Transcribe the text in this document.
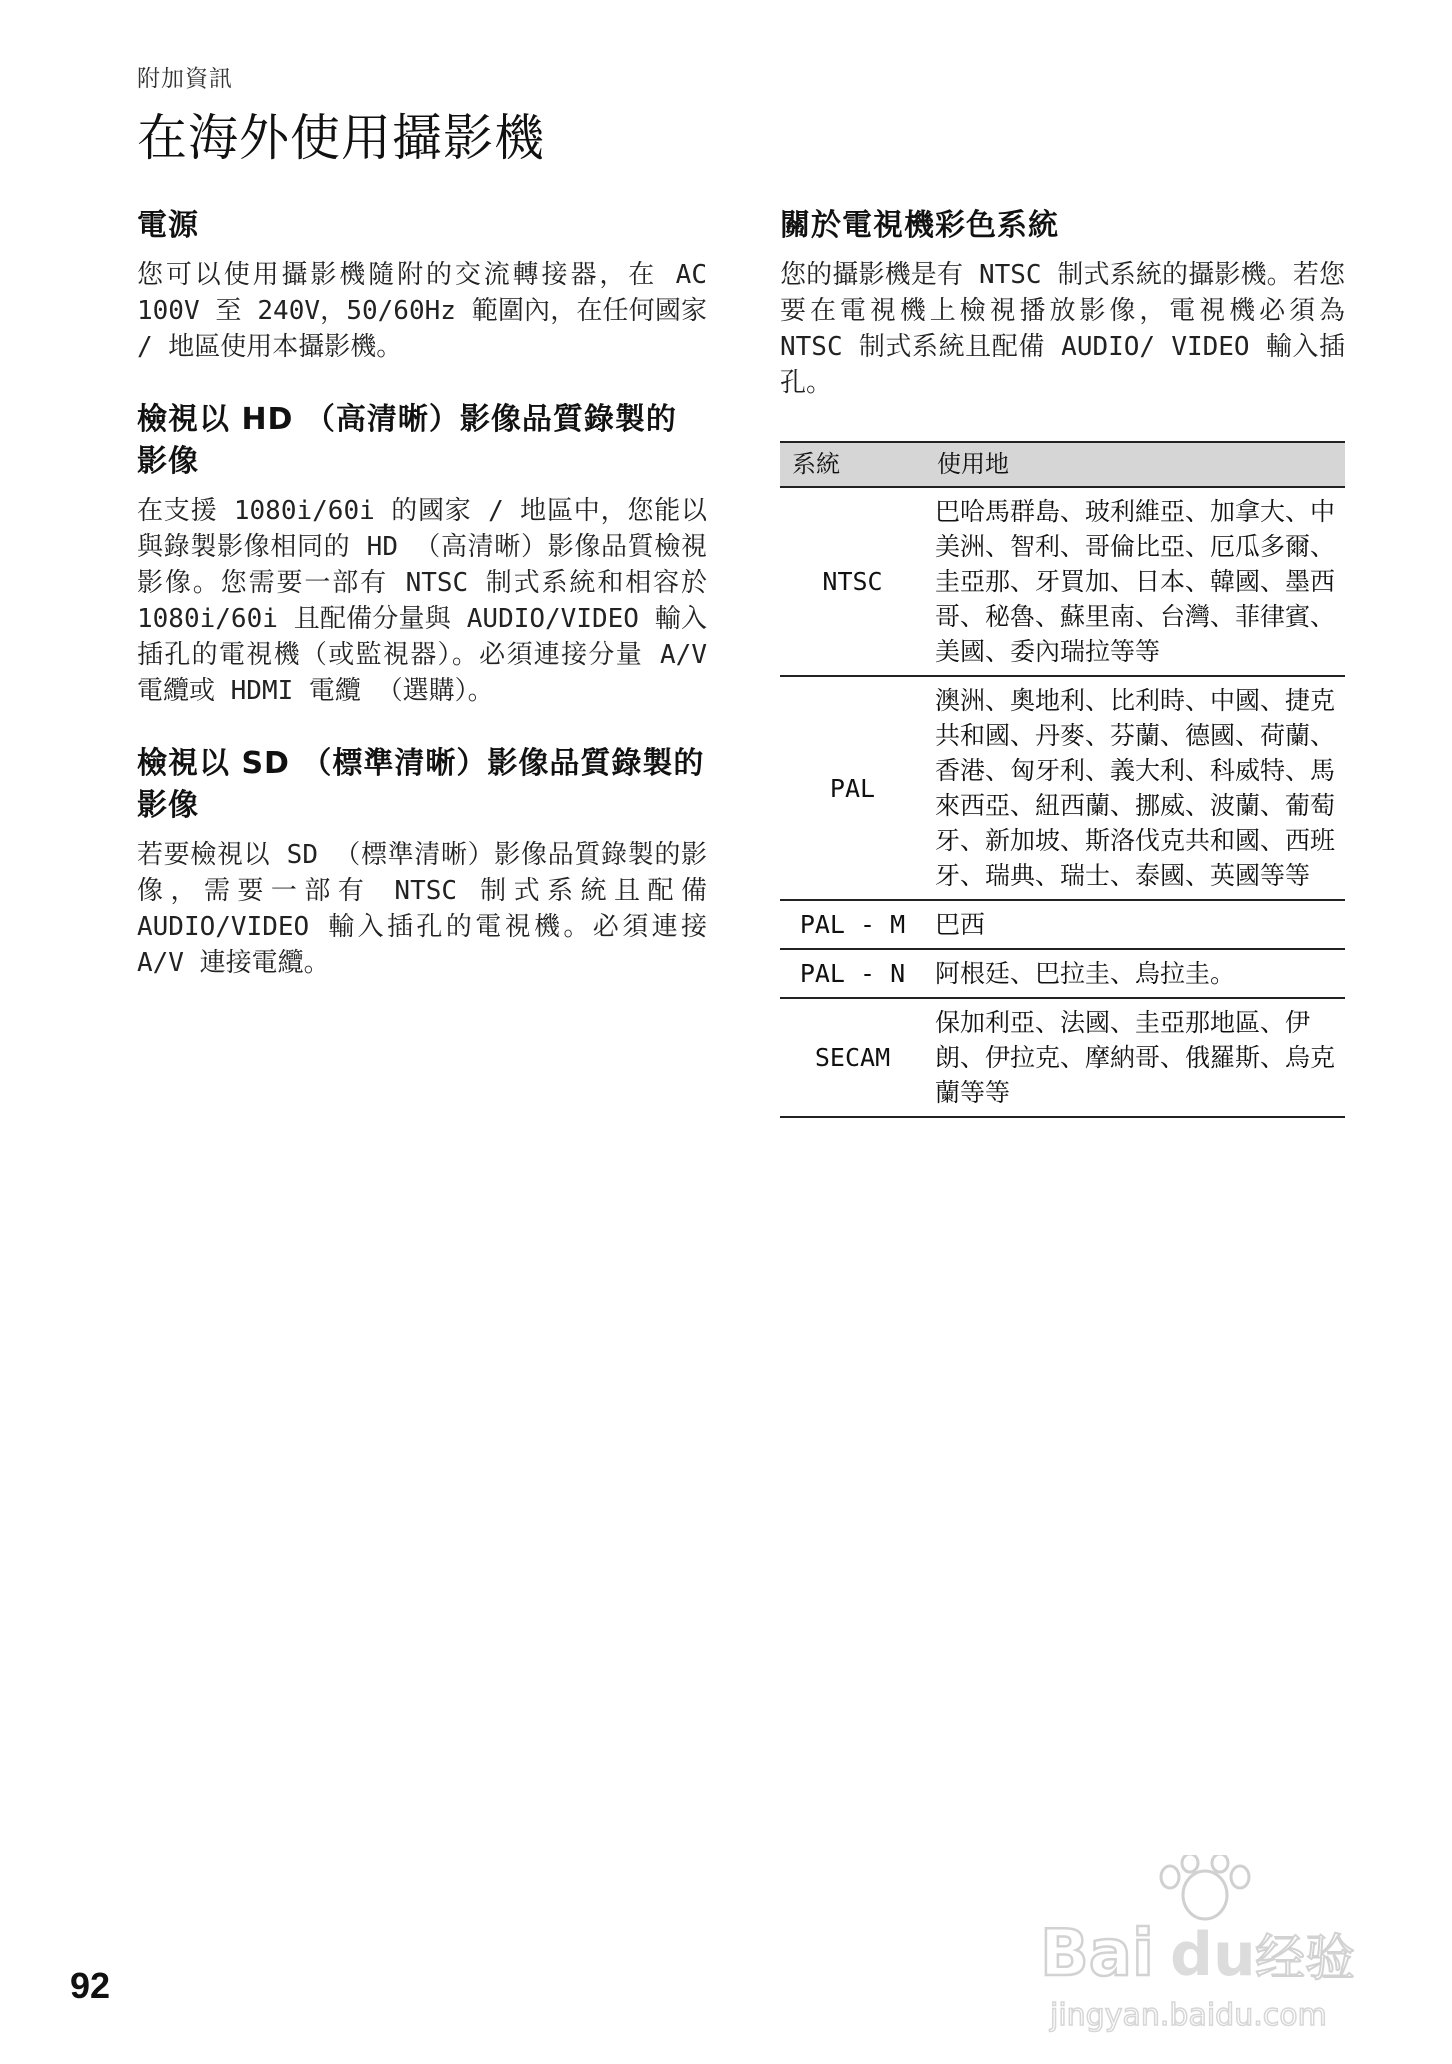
附加資訊
在海外使用攝影機
電源

您可以使用攝影機隨附的交流轉接器，在 AC 100V 至 240V，50/60Hz 範圍內，在任何國家 / 地區使用本攝影機。

檢視以 HD （高清晰）影像品質錄製的影像

在支援 1080i/60i 的國家 / 地區中，您能以與錄製影像相同的 HD （高清晰）影像品質檢視影像。您需要一部有 NTSC 制式系統和相容於 1080i/60i 且配備分量與 AUDIO/VIDEO 輸入插孔的電視機（或監視器）。必須連接分量 A/V 電纜或 HDMI 電纜 （選購）。

檢視以 SD （標準清晰）影像品質錄製的影像

若要檢視以 SD （標準清晰）影像品質錄製的影像，需要一部有 NTSC 制式系統且配備 AUDIO/VIDEO 輸入插孔的電視機。必須連接 A/V 連接電纜。

關於電視機彩色系統

您的攝影機是有 NTSC 制式系統的攝影機。若您要在電視機上檢視播放影像，電視機必須為 NTSC 制式系統且配備 AUDIO/ VIDEO 輸入插孔。

系統	使用地
NTSC	巴哈馬群島、玻利維亞、加拿大、中美洲、智利、哥倫比亞、厄瓜多爾、圭亞那、牙買加、日本、韓國、墨西哥、秘魯、蘇里南、台灣、菲律賓、美國、委內瑞拉等等
PAL	澳洲、奧地利、比利時、中國、捷克共和國、丹麥、芬蘭、德國、荷蘭、香港、匈牙利、義大利、科威特、馬來西亞、紐西蘭、挪威、波蘭、葡萄牙、新加坡、斯洛伐克共和國、西班牙、瑞典、瑞士、泰國、英國等等
PAL - M	巴西
PAL - N	阿根廷、巴拉圭、烏拉圭。
SECAM	保加利亞、法國、圭亞那地區、伊朗、伊拉克、摩納哥、俄羅斯、烏克蘭等等
92	Bai du 经验
jingyan.baidu.com
